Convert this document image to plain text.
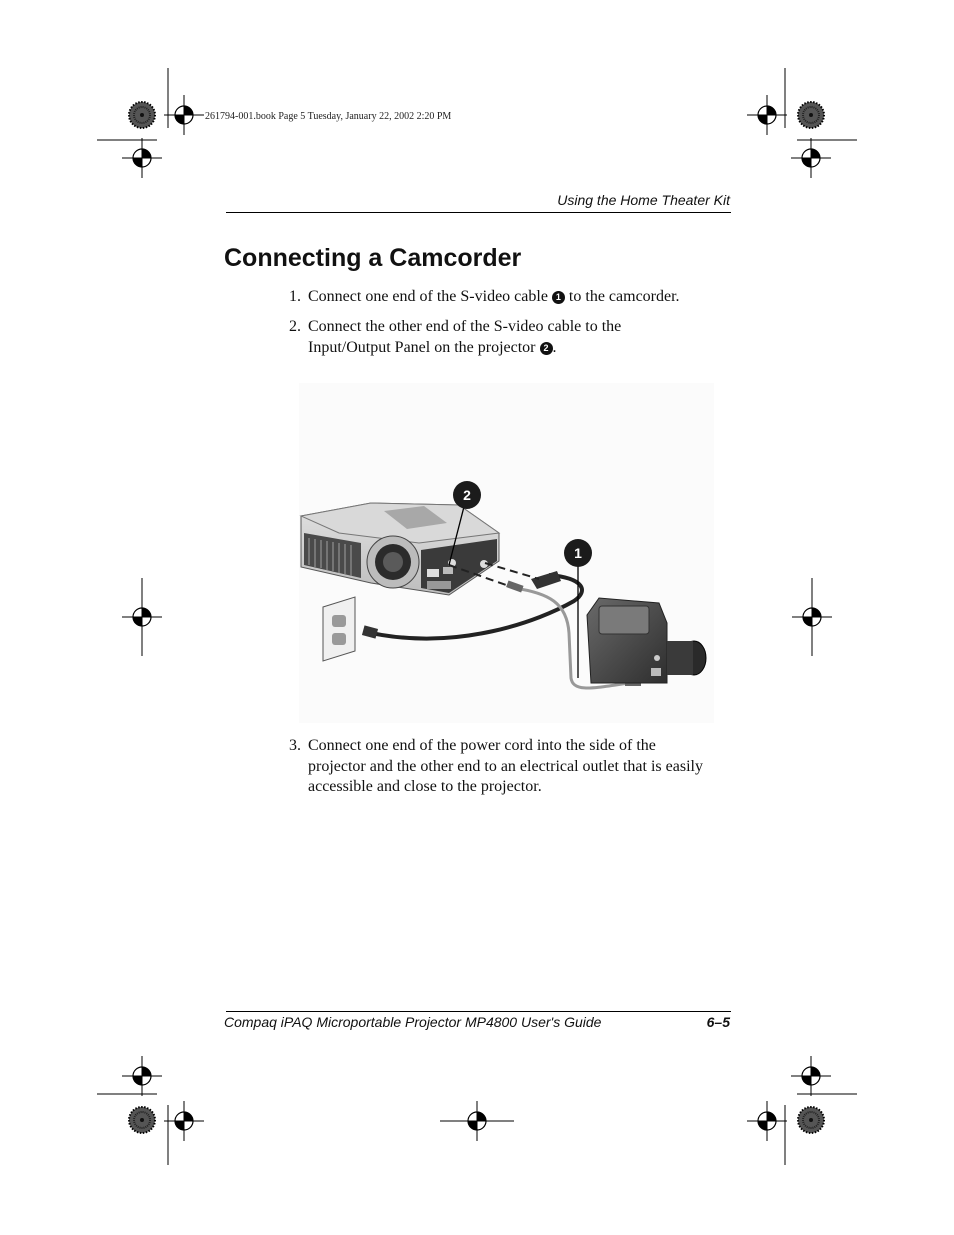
261794-001.book Page 5 Tuesday, January 22, 2002 2:20 PM
Using the Home Theater Kit
Connecting a Camcorder
1. Connect one end of the S-video cable 1 to the camcorder.
2. Connect the other end of the S-video cable to the
Input/Output Panel on the projector 2 .
2
1
3. Connect one end of the power cord into the side of the
projector and the other end to an electrical outlet that is easily
accessible and close to the projector.
Compaq iPAQ Microportable Projector MP4800 User's Guide	6–5
